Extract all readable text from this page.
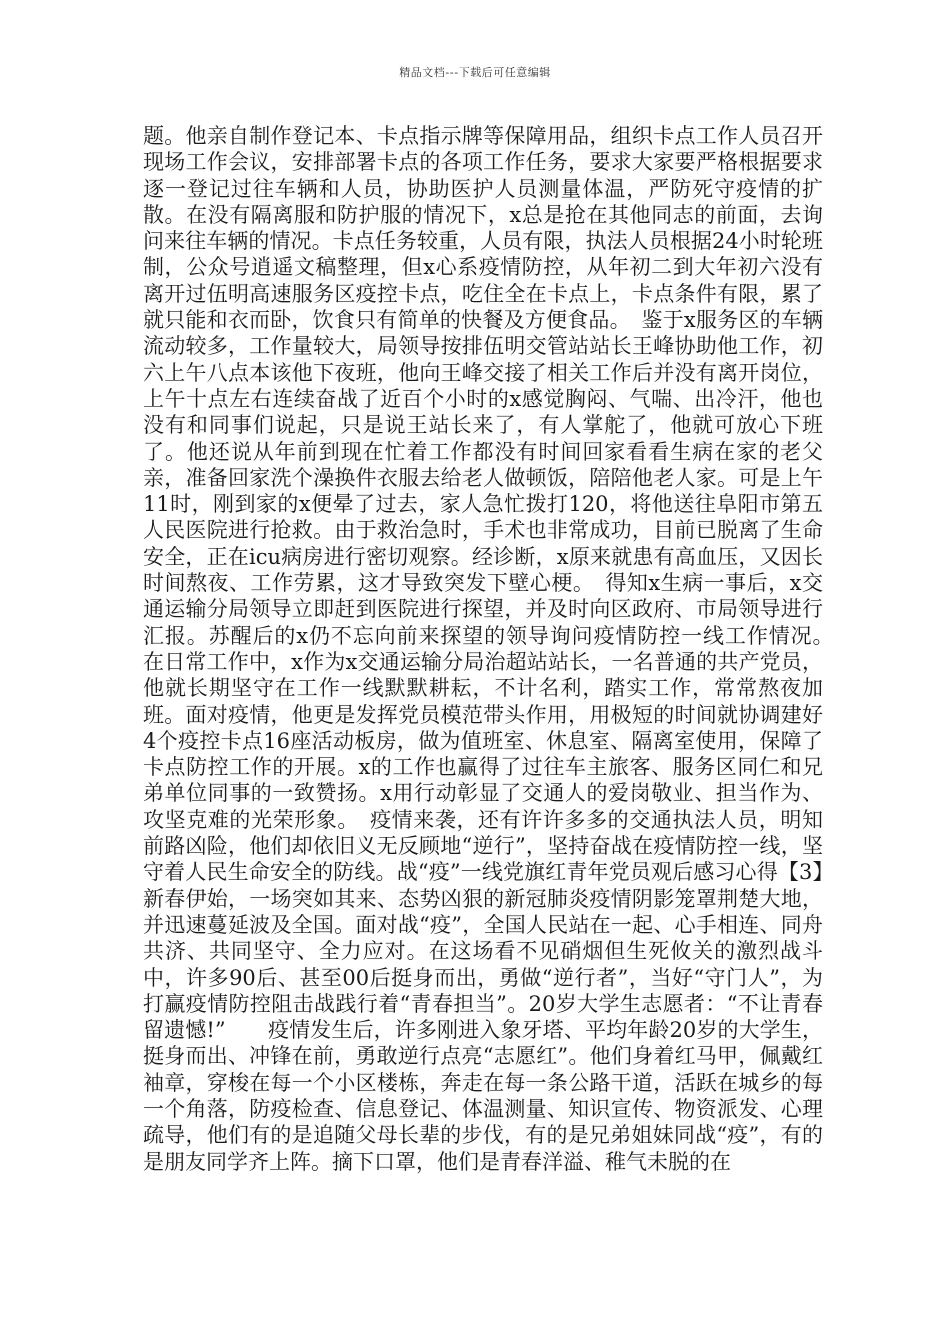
精品文档---下载后可任意编辑

题。他亲自制作登记本、卡点指示牌等保障用品，组织卡点工作人员召开现场工作会议，安排部署卡点的各项工作任务，要求大家要严格根据要求逐一登记过往车辆和人员，协助医护人员测量体温，严防死守疫情的扩散。在没有隔离服和防护服的情况下，x总是抢在其他同志的前面，去询问来往车辆的情况。卡点任务较重，人员有限，执法人员根据24小时轮班制，公众号逍遥文稿整理，但x心系疫情防控，从年初二到大年初六没有离开过伍明高速服务区疫控卡点，吃住全在卡点上，卡点条件有限，累了就只能和衣而卧，饮食只有简单的快餐及方便食品。　鉴于x服务区的车辆流动较多，工作量较大，局领导按排伍明交管站站长王峰协助他工作，初六上午八点本该他下夜班，他向王峰交接了相关工作后并没有离开岗位，上午十点左右连续奋战了近百个小时的x感觉胸闷、气喘、出冷汗，他也没有和同事们说起，只是说王站长来了，有人掌舵了，他就可放心下班了。他还说从年前到现在忙着工作都没有时间回家看看生病在家的老父亲，准备回家洗个澡换件衣服去给老人做顿饭，陪陪他老人家。可是上午11时，刚到家的x便晕了过去，家人急忙拨打120，将他送往阜阳市第五人民医院进行抢救。由于救治急时，手术也非常成功，目前已脱离了生命安全，正在icu病房进行密切观察。经诊断，x原来就患有高血压，又因长时间熬夜、工作劳累，这才导致突发下壁心梗。　得知x生病一事后，x交通运输分局领导立即赶到医院进行探望，并及时向区政府、市局领导进行汇报。苏醒后的x仍不忘向前来探望的领导询问疫情防控一线工作情况。　在日常工作中，x作为x交通运输分局治超站站长，一名普通的共产党员，他就长期坚守在工作一线默默耕耘，不计名利，踏实工作，常常熬夜加班。面对疫情，他更是发挥党员模范带头作用，用极短的时间就协调建好4个疫控卡点16座活动板房，做为值班室、休息室、隔离室使用，保障了卡点防控工作的开展。x的工作也赢得了过往车主旅客、服务区同仁和兄弟单位同事的一致赞扬。x用行动彰显了交通人的爱岗敬业、担当作为、攻坚克难的光荣形象。　疫情来袭，还有许许多多的交通执法人员，明知前路凶险，他们却依旧义无反顾地“逆行”，坚持奋战在疫情防控一线，坚守着人民生命安全的防线。战“疫”一线党旗红青年党员观后感习心得【3】新春伊始，一场突如其来、态势凶狠的新冠肺炎疫情阴影笼罩荆楚大地，并迅速蔓延波及全国。面对战“疫”，全国人民站在一起、心手相连、同舟共济、共同坚守、全力应对。在这场看不见硝烟但生死攸关的激烈战斗中，许多90后、甚至00后挺身而出，勇做“逆行者”，当好“守门人”，为打赢疫情防控阻击战践行着“青春担当”。20岁大学生志愿者：“不让青春留遗憾!”　　疫情发生后，许多刚进入象牙塔、平均年龄20岁的大学生，挺身而出、冲锋在前，勇敢逆行点亮“志愿红”。他们身着红马甲，佩戴红袖章，穿梭在每一个小区楼栋，奔走在每一条公路干道，活跃在城乡的每一个角落，防疫检查、信息登记、体温测量、知识宣传、物资派发、心理疏导，他们有的是追随父母长辈的步伐，有的是兄弟姐妹同战“疫”，有的是朋友同学齐上阵。摘下口罩，他们是青春洋溢、稚气未脱的在
